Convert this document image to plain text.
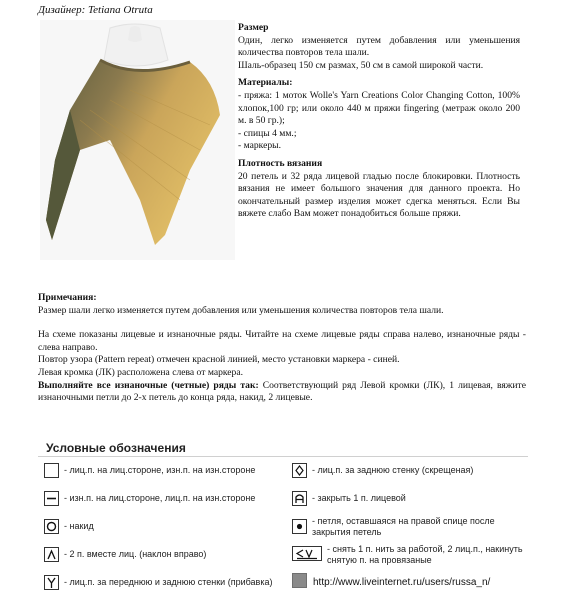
Дизайнер: Tetiana Otruta
Размер

Один, легко изменяется путем добавления или уменьшения количества повторов тела шали.

Шаль-образец 150 см размах, 50 см в самой широкой части.

Материалы:

- пряжа: 1 моток Wolle's Yarn Creations Color Changing Cotton, 100% хлопок,100 гр; или около 440 м пряжи fingering (метраж около 200 м. в 50 гр.);

- спицы 4 мм.;

- маркеры.

Плотность вязания

20 петель и 32 ряда лицевой гладью после блокировки. Плотность вязания не имеет большого значения для данного проекта. Но окончательный размер изделия может сдегка меняться. Если Вы вяжете слабо Вам может понадобиться больше пряжи.

Примечания:

Размер шали легко изменяется путем добавления или уменьшения количества повторов тела шали.

На схеме показаны лицевые и изнаночные ряды. Читайте на схеме лицевые ряды справа налево, изнаночные ряды - слева направо.

Повтор узора (Pattern repeat) отмечен красной линией, место установки маркера - синей.

Левая кромка (ЛК) расположена слева от маркера.

Выполняйте все изнаночные (четные) ряды так: Соответствующий ряд Левой кромки (ЛК), 1 лицевая, вяжите изнаночными петли до 2-х петель до конца ряда, накид, 2 лицевые.

Условные обозначения
- лиц.п. на лиц.стороне, изн.п. на изн.стороне
- изн.п. на лиц.стороне, лиц.п. на изн.стороне
- накид
- 2 п. вместе лиц. (наклон вправо)
- лиц.п. за переднюю и заднюю стенки (прибавка)
- лиц.п. за заднюю стенку (скрещеная)
- закрыть 1 п. лицевой
- петля, оставшаяся на правой спице после закрытия петель
- снять 1 п. нить за работой, 2 лиц.п., накинуть снятую п. на провязаные
http://www.liveinternet.ru/users/russa_n/
